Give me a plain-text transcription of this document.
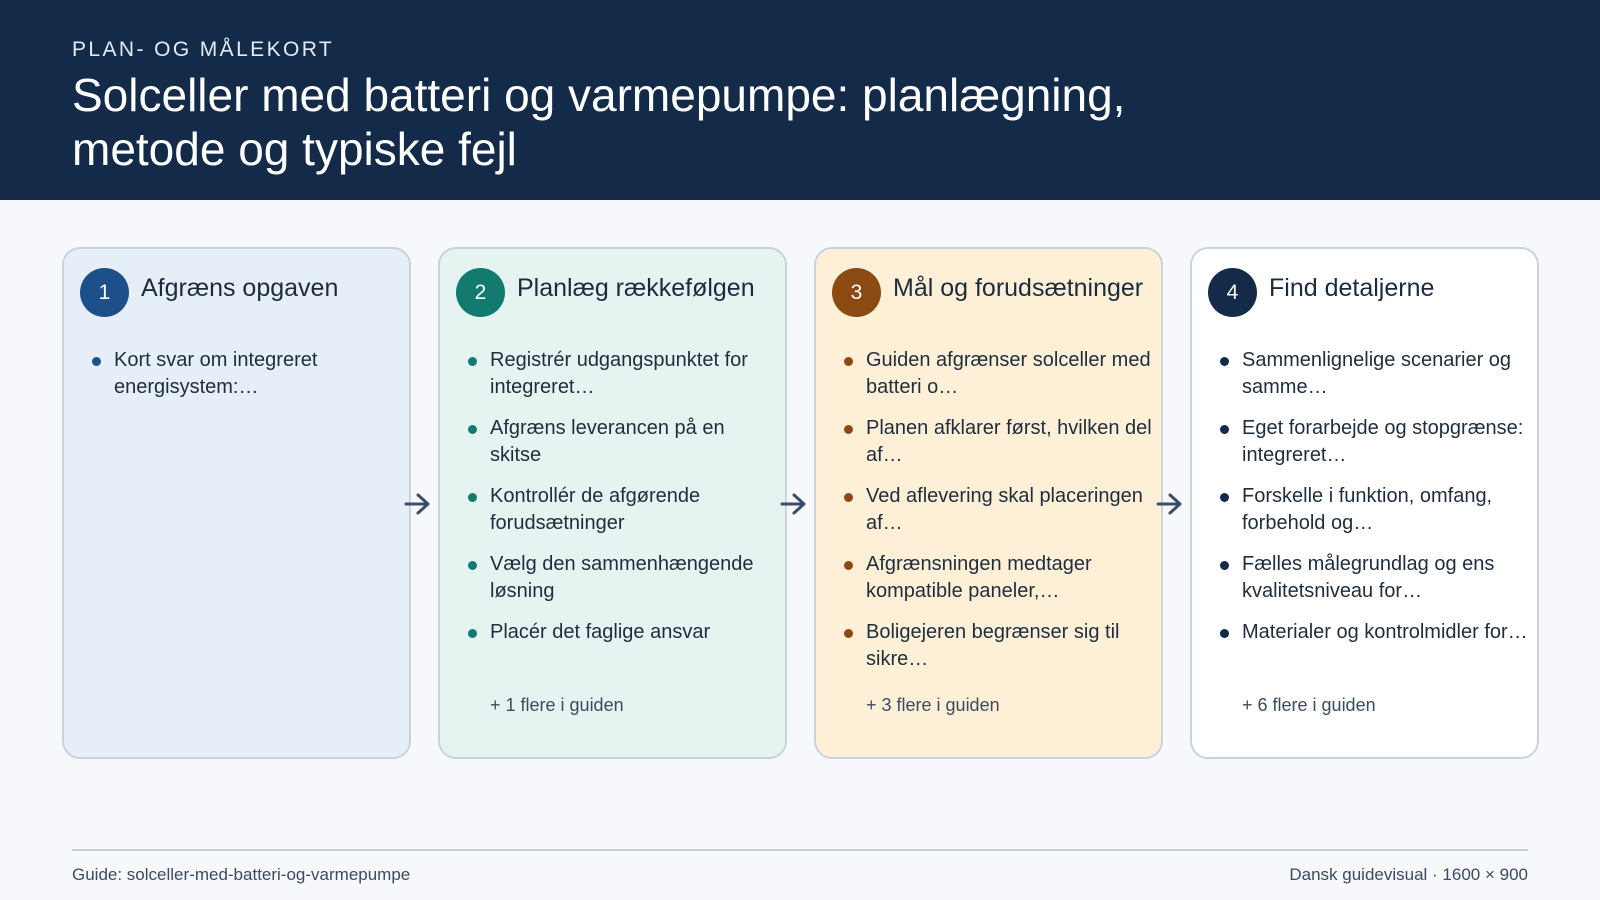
PLAN- OG MÅLEKORT
Solceller med batteri og varmepumpe: planlægning, metode og typiske fejl
1	Afgræns opgaven
Kort svar om integreret energisystem:…
2	Planlæg rækkefølgen
Registrér udgangspunktet for integreret…
Afgræns leverancen på en skitse
Kontrollér de afgørende forudsætninger
Vælg den sammenhængende løsning
Placér det faglige ansvar
+ 1 flere i guiden
3	Mål og forudsætninger
Guiden afgrænser solceller med batteri o…
Planen afklarer først, hvilken del af…
Ved aflevering skal placeringen af…
Afgrænsningen medtager kompatible paneler,…
Boligejeren begrænser sig til sikre…
+ 3 flere i guiden
4	Find detaljerne
Sammenlignelige scenarier og samme…
Eget forarbejde og stopgrænse: integreret…
Forskelle i funktion, omfang, forbehold og…
Fælles målegrundlag og ens kvalitetsniveau for…
Materialer og kontrolmidler for…
+ 6 flere i guiden
Guide: solceller-med-batteri-og-varmepumpe	Dansk guidevisual · 1600 × 900
